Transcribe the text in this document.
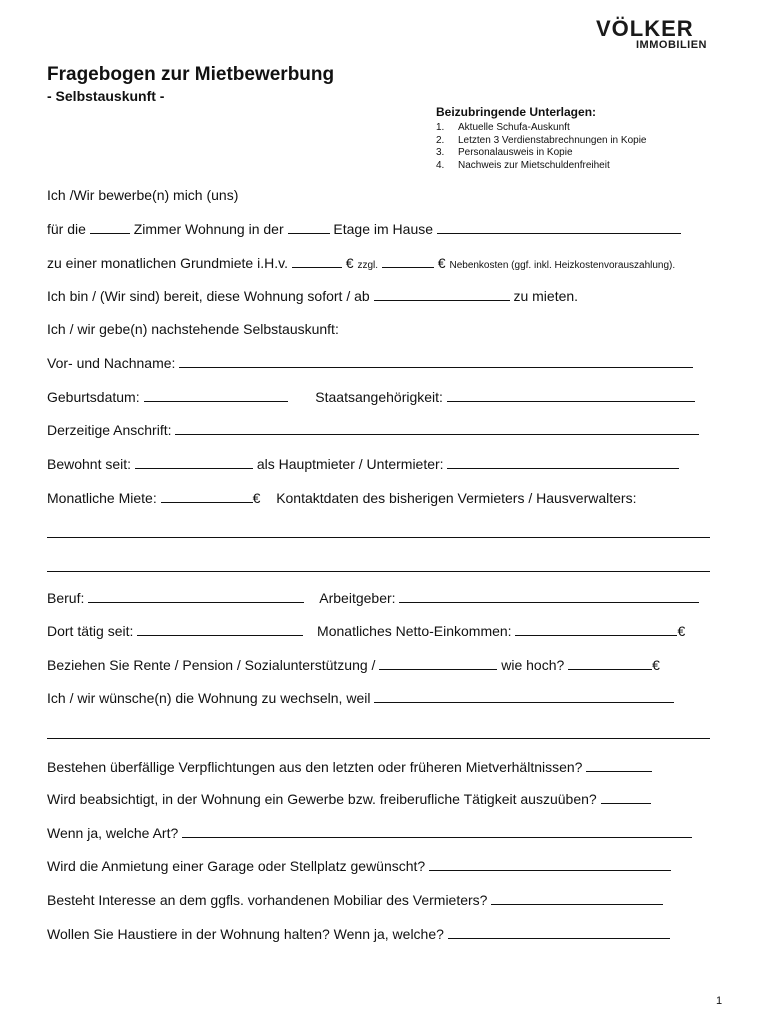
VÖLKER
IMMOBILIEN
Fragebogen zur Mietbewerbung
- Selbstauskunft -
Beizubringende Unterlagen:
1.	Aktuelle Schufa-Auskunft
2.	Letzten 3 Verdienstabrechnungen in Kopie
3.	Personalausweis in Kopie
4.	Nachweis zur Mietschuldenfreiheit
Ich /Wir bewerbe(n) mich (uns)
für die	Zimmer Wohnung in der	Etage im Hause
zu einer monatlichen Grundmiete i.H.v.	€ zzgl.	€ Nebenkosten (ggf. inkl. Heizkostenvorauszahlung).
Ich bin / (Wir sind) bereit, diese Wohnung sofort / ab	zu mieten.
Ich / wir gebe(n) nachstehende Selbstauskunft:
Vor- und Nachname:
Geburtsdatum:	Staatsangehörigkeit:
Derzeitige Anschrift:
Bewohnt seit:	als Hauptmieter / Untermieter:
Monatliche Miete:	€ Kontaktdaten des bisherigen Vermieters / Hausverwalters:
Beruf:	Arbeitgeber:
Dort tätig seit:	Monatliches Netto-Einkommen:	€
Beziehen Sie Rente / Pension / Sozialunterstützung /	wie hoch?	€
Ich / wir wünsche(n) die Wohnung zu wechseln, weil
Bestehen überfällige Verpflichtungen aus den letzten oder früheren Mietverhältnissen?
Wird beabsichtigt, in der Wohnung ein Gewerbe bzw. freiberufliche Tätigkeit auszuüben?
Wenn ja, welche Art?
Wird die Anmietung einer Garage oder Stellplatz gewünscht?
Besteht Interesse an dem ggfls. vorhandenen Mobiliar des Vermieters?
Wollen Sie Haustiere in der Wohnung halten? Wenn ja, welche?
1
